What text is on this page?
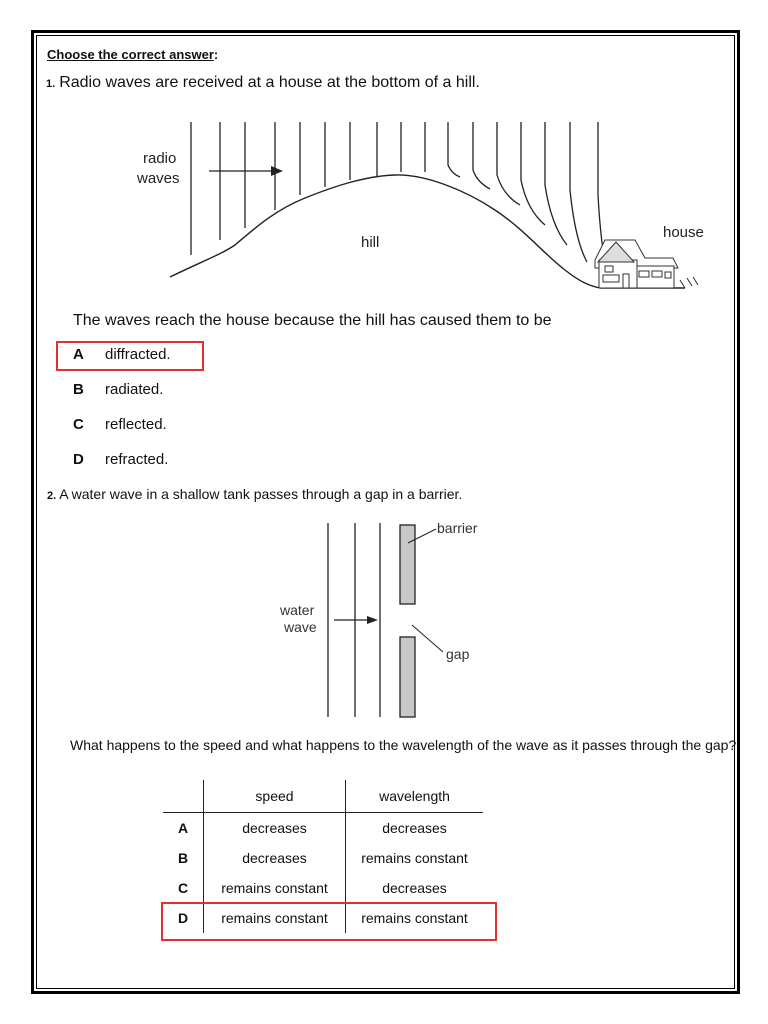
Choose the correct answer:
1. Radio waves are received at a house at the bottom of a hill.
radio
waves
hill
house
The waves reach the house because the hill has caused them to be
A diffracted.
B radiated.
C reflected.
D refracted.
2. A water wave in a shallow tank passes through a gap in a barrier.
barrier
water
wave
gap
What happens to the speed and what happens to the wavelength of the wave as it passes through the gap?
	speed	wavelength
A	decreases	decreases
B	decreases	remains constant
C	remains constant	decreases
D	remains constant	remains constant
